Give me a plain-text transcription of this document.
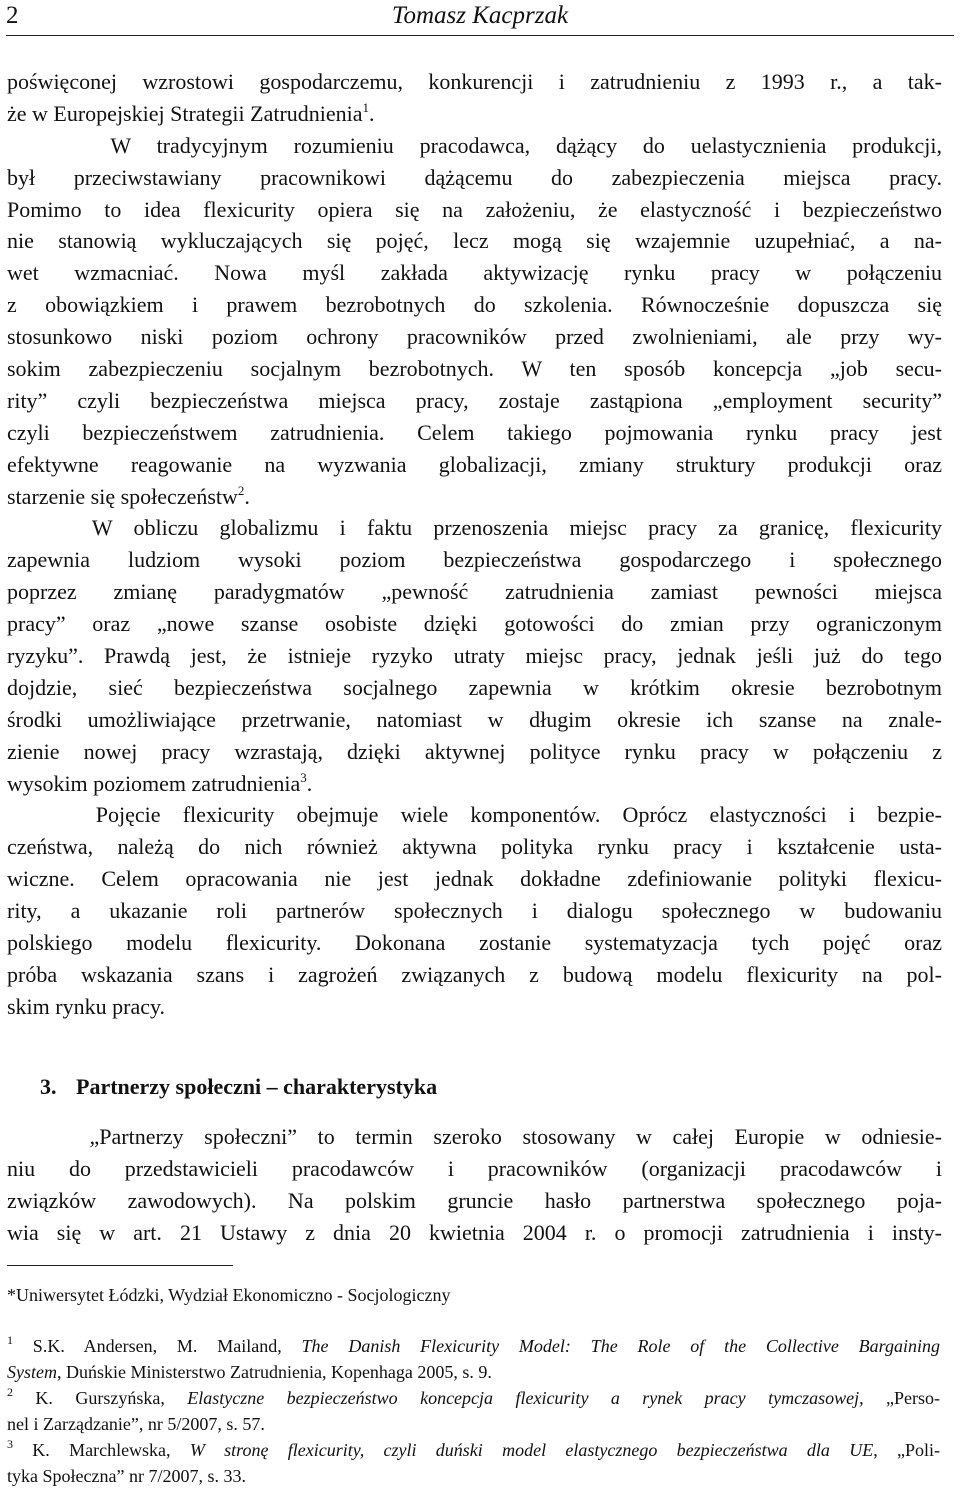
2	Tomasz Kacprzak
poświęconej wzrostowi gospodarczemu, konkurencji i zatrudnieniu z 1993 r., a tak-
że w Europejskiej Strategii Zatrudnienia$^1$.
W tradycyjnym rozumieniu pracodawca, dążący do uelastycznienia produkcji,
był przeciwstawiany pracownikowi dążącemu do zabezpieczenia miejsca pracy.
Pomimo to idea flexicurity opiera się na założeniu, że elastyczność i bezpieczeństwo
nie stanowią wykluczających się pojęć, lecz mogą się wzajemnie uzupełniać, a na-
wet wzmacniać. Nowa myśl zakłada aktywizację rynku pracy w połączeniu
z obowiązkiem i prawem bezrobotnych do szkolenia. Równocześnie dopuszcza się
stosunkowo niski poziom ochrony pracowników przed zwolnieniami, ale przy wy-
sokim zabezpieczeniu socjalnym bezrobotnych. W ten sposób koncepcja „job secu-
rity” czyli bezpieczeństwa miejsca pracy, zostaje zastąpiona „employment security”
czyli bezpieczeństwem zatrudnienia. Celem takiego pojmowania rynku pracy jest
efektywne reagowanie na wyzwania globalizacji, zmiany struktury produkcji oraz
starzenie się społeczeństw$^2$.
W obliczu globalizmu i faktu przenoszenia miejsc pracy za granicę, flexicurity
zapewnia ludziom wysoki poziom bezpieczeństwa gospodarczego i społecznego
poprzez zmianę paradygmatów „pewność zatrudnienia zamiast pewności miejsca
pracy” oraz „nowe szanse osobiste dzięki gotowości do zmian przy ograniczonym
ryzyku”. Prawdą jest, że istnieje ryzyko utraty miejsc pracy, jednak jeśli już do tego
dojdzie, sieć bezpieczeństwa socjalnego zapewnia w krótkim okresie bezrobotnym
środki umożliwiające przetrwanie, natomiast w długim okresie ich szanse na znale-
zienie nowej pracy wzrastają, dzięki aktywnej polityce rynku pracy w połączeniu z
wysokim poziomem zatrudnienia$^3$.
Pojęcie flexicurity obejmuje wiele komponentów. Oprócz elastyczności i bezpie-
czeństwa, należą do nich również aktywna polityka rynku pracy i kształcenie usta-
wiczne. Celem opracowania nie jest jednak dokładne zdefiniowanie polityki flexicu-
rity, a ukazanie roli partnerów społecznych i dialogu społecznego w budowaniu
polskiego modelu flexicurity. Dokonana zostanie systematyzacja tych pojęć oraz
próba wskazania szans i zagrożeń związanych z budową modelu flexicurity na pol-
skim rynku pracy.
3. Partnerzy społeczni – charakterystyka
„Partnerzy społeczni” to termin szeroko stosowany w całej Europie w odniesie-
niu do przedstawicieli pracodawców i pracowników (organizacji pracodawców i
związków zawodowych). Na polskim gruncie hasło partnerstwa społecznego poja-
wia się w art. 21 Ustawy z dnia 20 kwietnia 2004 r. o promocji zatrudnienia i insty-
*Uniwersytet Łódzki, Wydział Ekonomiczno - Socjologiczny
$^1$ S.K. Andersen, M. Mailand, The Danish Flexicurity Model: The Role of the Collective Bargaining
System, Duńskie Ministerstwo Zatrudnienia, Kopenhaga 2005, s. 9.
$^2$ K. Gurszyńska, Elastyczne bezpieczeństwo koncepcja flexicurity a rynek pracy tymczasowej, „Perso-
nel i Zarządzanie”, nr 5/2007, s. 57.
$^3$ K. Marchlewska, W stronę flexicurity, czyli duński model elastycznego bezpieczeństwa dla UE, „Poli-
tyka Społeczna” nr 7/2007, s. 33.
